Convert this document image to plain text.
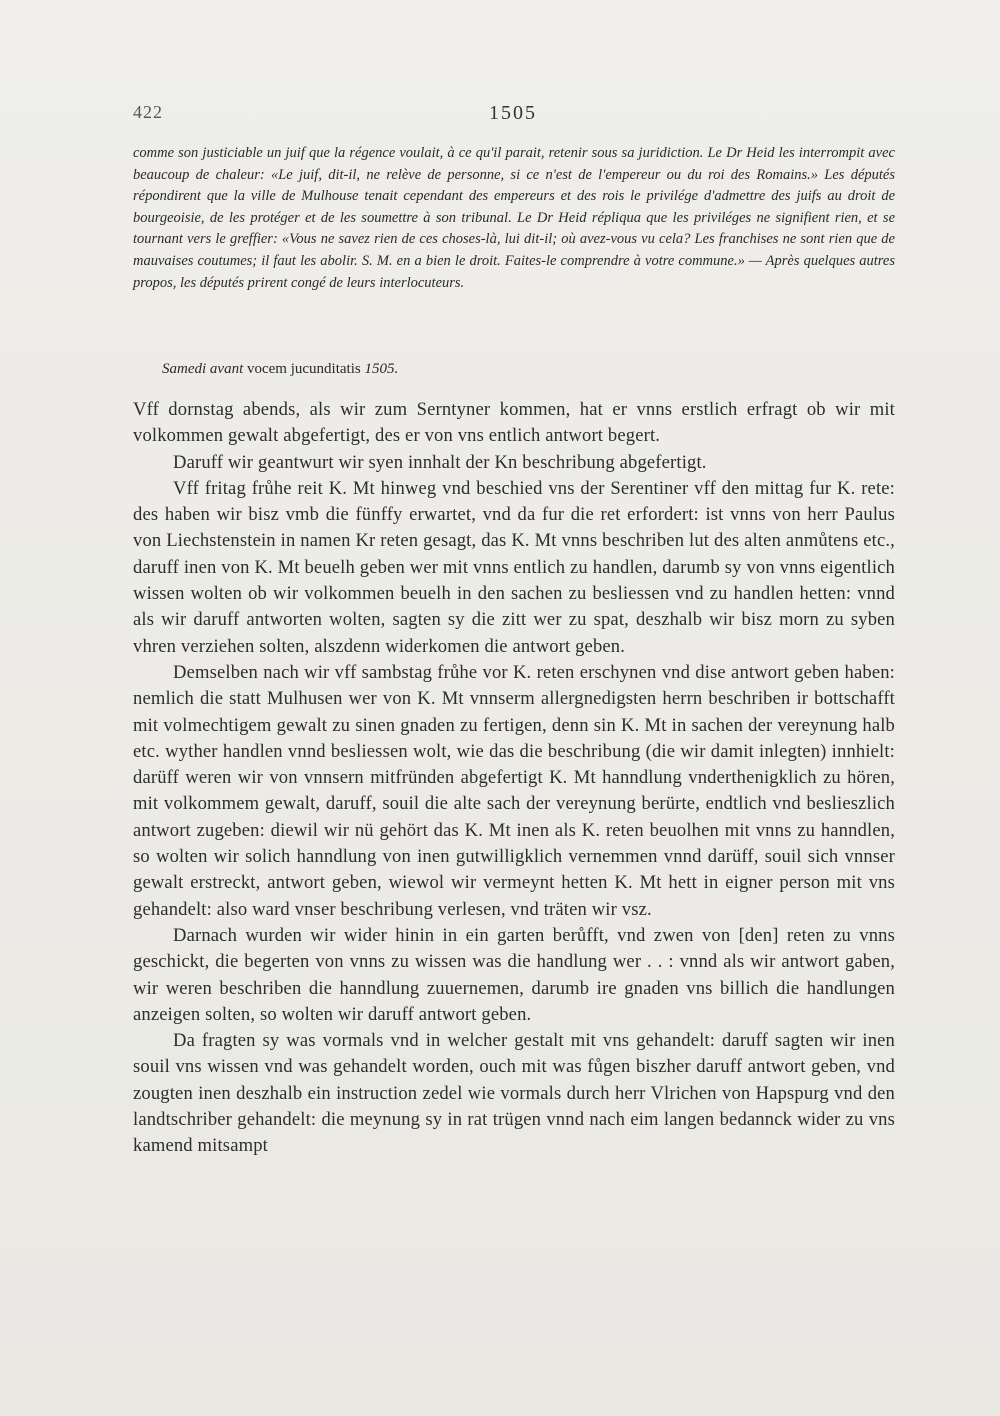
422	1505

comme son justiciable un juif que la régence voulait, à ce qu'il parait, retenir sous sa juridiction. Le Dr Heid les interrompit avec beaucoup de chaleur: «Le juif, dit-il, ne relève de personne, si ce n'est de l'empereur ou du roi des Romains.» Les députés répondirent que la ville de Mulhouse tenait cependant des empereurs et des rois le privilége d'admettre des juifs au droit de bourgeoisie, de les protéger et de les soumettre à son tribunal. Le Dr Heid répliqua que les priviléges ne signifient rien, et se tournant vers le greffier: «Vous ne savez rien de ces choses-là, lui dit-il; où avez-vous vu cela? Les franchises ne sont rien que de mauvaises coutumes; il faut les abolir. S. M. en a bien le droit. Faites-le comprendre à votre commune.» — Après quelques autres propos, les députés prirent congé de leurs interlocuteurs.

Samedi avant vocem jucunditatis 1505.

Vff dornstag abends, als wir zum Serntyner kommen, hat er vnns erstlich erfragt ob wir mit volkommen gewalt abgefertigt, des er von vns entlich antwort begert.

Daruff wir geantwurt wir syen innhalt der Kn beschribung abgefertigt.

Vff fritag frůhe reit K. Mt hinweg vnd beschied vns der Serentiner vff den mittag fur K. rete: des haben wir bisz vmb die fünffy erwartet, vnd da fur die ret erfordert: ist vnns von herr Paulus von Liechstenstein in namen Kr reten gesagt, das K. Mt vnns beschriben lut des alten anmůtens etc., daruff inen von K. Mt beuelh geben wer mit vnns entlich zu handlen, darumb sy von vnns eigentlich wissen wolten ob wir volkommen beuelh in den sachen zu besliessen vnd zu handlen hetten: vnnd als wir daruff antworten wolten, sagten sy die zitt wer zu spat, deszhalb wir bisz morn zu syben vhren verziehen solten, alszdenn widerkomen die antwort geben.

Demselben nach wir vff sambstag frůhe vor K. reten erschynen vnd dise antwort geben haben: nemlich die statt Mulhusen wer von K. Mt vnnserm allergnedigsten herrn beschriben ir bottschafft mit volmechtigem gewalt zu sinen gnaden zu fertigen, denn sin K. Mt in sachen der vereynung halb etc. wyther handlen vnnd besliessen wolt, wie das die beschribung (die wir damit inlegten) innhielt: darüff weren wir von vnnsern mitfründen abgefertigt K. Mt hanndlung vnderthenigklich zu hören, mit volkommem gewalt, daruff, souil die alte sach der vereynung berürte, endtlich vnd beslieszlich antwort zugeben: diewil wir nü gehört das K. Mt inen als K. reten beuolhen mit vnns zu hanndlen, so wolten wir solich hanndlung von inen gutwilligklich vernemmen vnnd darüff, souil sich vnnser gewalt erstreckt, antwort geben, wiewol wir vermeynt hetten K. Mt hett in eigner person mit vns gehandelt: also ward vnser beschribung verlesen, vnd träten wir vsz.

Darnach wurden wir wider hinin in ein garten berůfft, vnd zwen von [den] reten zu vnns geschickt, die begerten von vnns zu wissen was die handlung wer . . : vnnd als wir antwort gaben, wir weren beschriben die hanndlung zuuernemen, darumb ire gnaden vns billich die handlungen anzeigen solten, so wolten wir daruff antwort geben.

Da fragten sy was vormals vnd in welcher gestalt mit vns gehandelt: daruff sagten wir inen souil vns wissen vnd was gehandelt worden, ouch mit was fůgen biszher daruff antwort geben, vnd zougten inen deszhalb ein instruction zedel wie vormals durch herr Vlrichen von Hapspurg vnd den landtschriber gehandelt: die meynung sy in rat trügen vnnd nach eim langen bedannck wider zu vns kamend mitsampt
